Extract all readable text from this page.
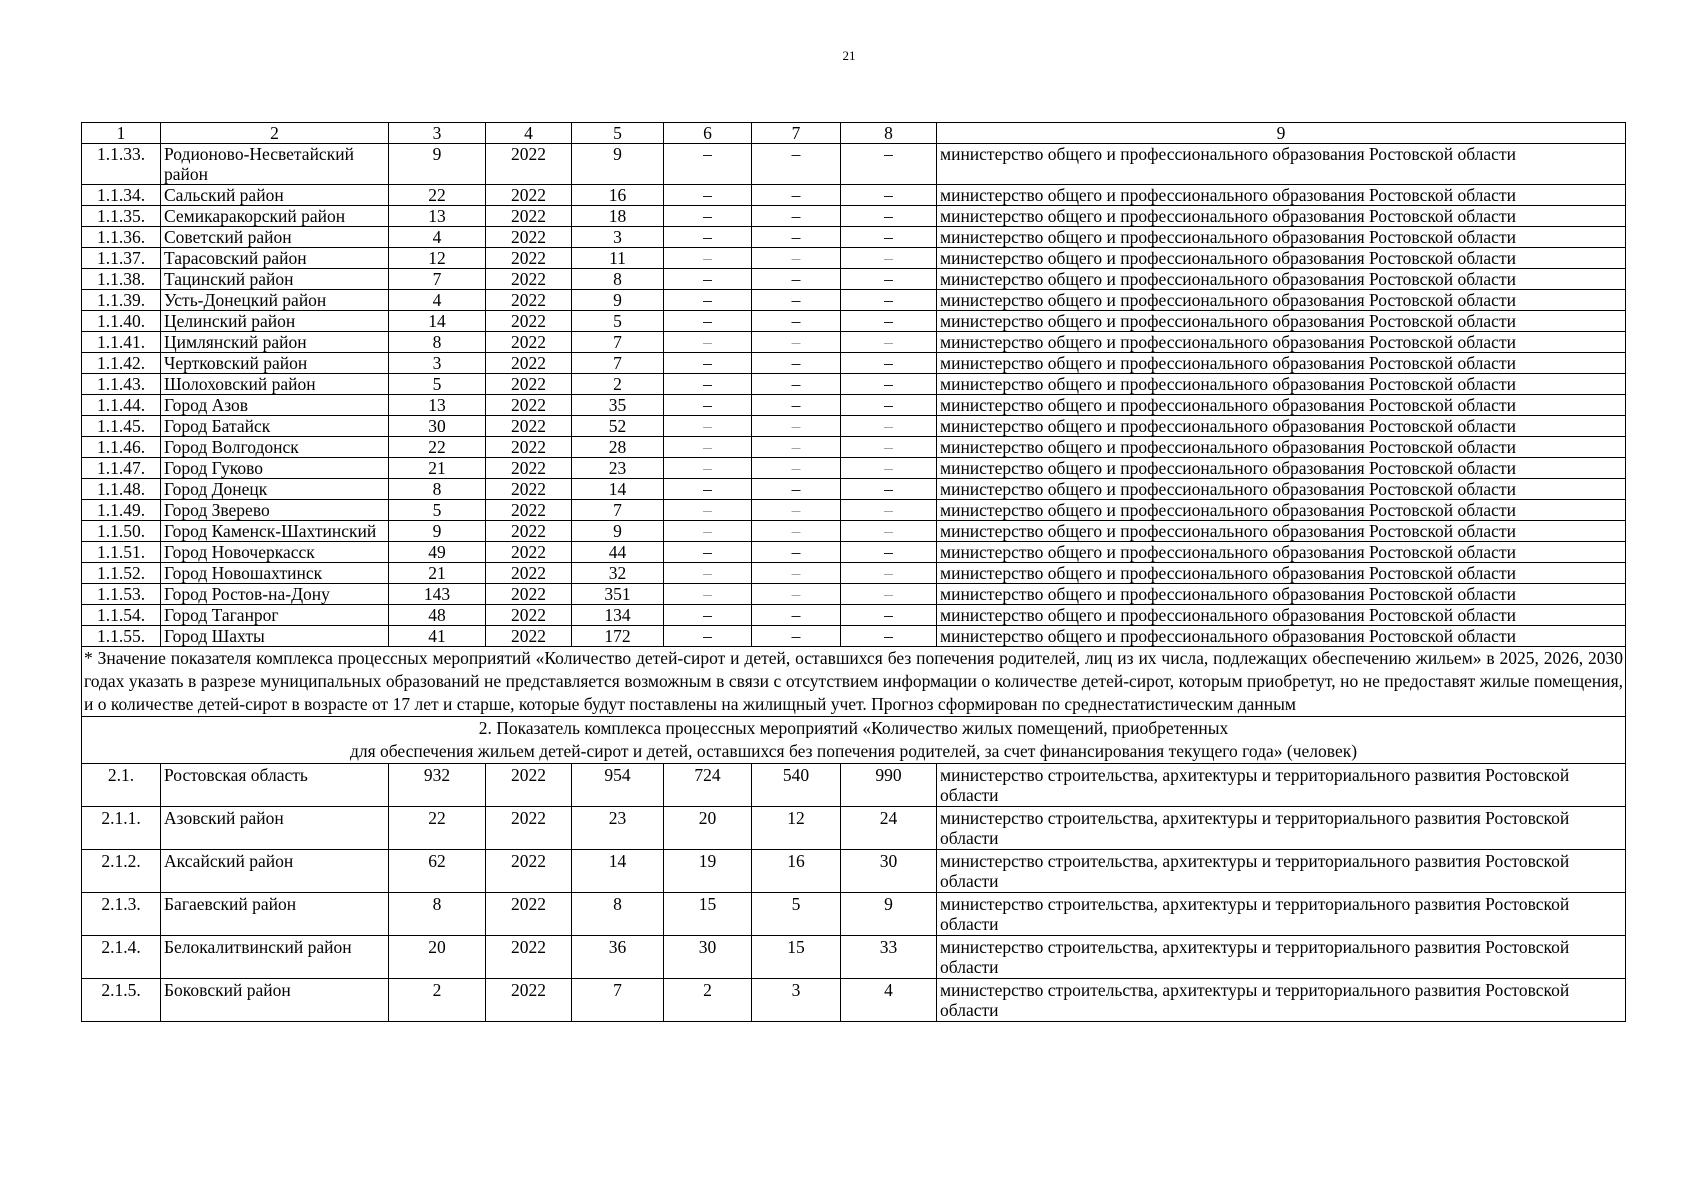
21
1	2	3	4	5	6	7	8	9
1.1.33.	Родионово-Несветайский район	9	2022	9	–	–	–	министерство общего и профессионального образования Ростовской области
1.1.34.	Сальский район	22	2022	16	–	–	–	министерство общего и профессионального образования Ростовской области
1.1.35.	Семикаракорский район	13	2022	18	–	–	–	министерство общего и профессионального образования Ростовской области
1.1.36.	Советский район	4	2022	3	–	–	–	министерство общего и профессионального образования Ростовской области
1.1.37.	Тарасовский район	12	2022	11	–	–	–	министерство общего и профессионального образования Ростовской области
1.1.38.	Тацинский район	7	2022	8	–	–	–	министерство общего и профессионального образования Ростовской области
1.1.39.	Усть-Донецкий район	4	2022	9	–	–	–	министерство общего и профессионального образования Ростовской области
1.1.40.	Целинский район	14	2022	5	–	–	–	министерство общего и профессионального образования Ростовской области
1.1.41.	Цимлянский район	8	2022	7	–	–	–	министерство общего и профессионального образования Ростовской области
1.1.42.	Чертковский район	3	2022	7	–	–	–	министерство общего и профессионального образования Ростовской области
1.1.43.	Шолоховский район	5	2022	2	–	–	–	министерство общего и профессионального образования Ростовской области
1.1.44.	Город Азов	13	2022	35	–	–	–	министерство общего и профессионального образования Ростовской области
1.1.45.	Город Батайск	30	2022	52	–	–	–	министерство общего и профессионального образования Ростовской области
1.1.46.	Город Волгодонск	22	2022	28	–	–	–	министерство общего и профессионального образования Ростовской области
1.1.47.	Город Гуково	21	2022	23	–	–	–	министерство общего и профессионального образования Ростовской области
1.1.48.	Город Донецк	8	2022	14	–	–	–	министерство общего и профессионального образования Ростовской области
1.1.49.	Город Зверево	5	2022	7	–	–	–	министерство общего и профессионального образования Ростовской области
1.1.50.	Город Каменск-Шахтинский	9	2022	9	–	–	–	министерство общего и профессионального образования Ростовской области
1.1.51.	Город Новочеркасск	49	2022	44	–	–	–	министерство общего и профессионального образования Ростовской области
1.1.52.	Город Новошахтинск	21	2022	32	–	–	–	министерство общего и профессионального образования Ростовской области
1.1.53.	Город Ростов-на-Дону	143	2022	351	–	–	–	министерство общего и профессионального образования Ростовской области
1.1.54.	Город Таганрог	48	2022	134	–	–	–	министерство общего и профессионального образования Ростовской области
1.1.55.	Город Шахты	41	2022	172	–	–	–	министерство общего и профессионального образования Ростовской области
* Значение показателя комплекса процессных мероприятий «Количество детей-сирот и детей, оставшихся без попечения родителей, лиц из их числа, подлежащих обеспечению жильем» в 2025, 2026, 2030 годах указать в разрезе муниципальных образований не представляется возможным в связи с отсутствием информации о количестве детей-сирот, которым приобретут, но не предоставят жилые помещения, и о количестве детей-сирот в возрасте от 17 лет и старше, которые будут поставлены на жилищный учет. Прогноз сформирован по среднестатистическим данным								

2. Показатель комплекса процессных мероприятий «Количество жилых помещений, приобретенных
для обеспечения жильем детей-сирот и детей, оставшихся без попечения родителей, за счет финансирования текущего года» (человек)								

2.1.	Ростовская область	932	2022	954	724	540	990	министерство строительства, архитектуры и территориального развития Ростовской области
2.1.1.	Азовский район	22	2022	23	20	12	24	министерство строительства, архитектуры и территориального развития Ростовской области
2.1.2.	Аксайский район	62	2022	14	19	16	30	министерство строительства, архитектуры и территориального развития Ростовской области
2.1.3.	Багаевский район	8	2022	8	15	5	9	министерство строительства, архитектуры и территориального развития Ростовской области
2.1.4.	Белокалитвинский район	20	2022	36	30	15	33	министерство строительства, архитектуры и территориального развития Ростовской области
2.1.5.	Боковский район	2	2022	7	2	3	4	министерство строительства, архитектуры и территориального развития Ростовской области
